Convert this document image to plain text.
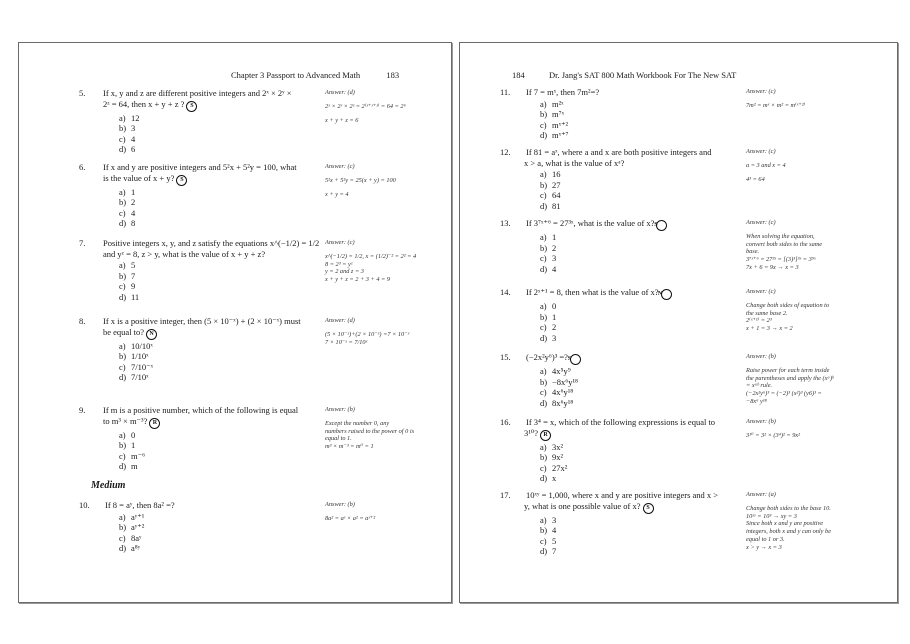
Chapter 3 Passport to Advanced Math	183	184	Dr. Jang's SAT 800 Math Workbook For The New SAT
5. If x, y and z are different positive integers and 2ˣ × 2ʸ ×
2ᶻ = 64, then x + y + z ? S
a) 12
b) 3
c) 4
d) 6
Answer: (d)
2ˣ × 2ʸ × 2ᶻ = 2⁽ˣ⁺ʸ⁺ᶻ⁾ = 64 = 2⁶
x + y + z = 6
6. If x and y are positive integers and 5²x + 5²y = 100, what
is the value of x + y? S
a) 1
b) 2
c) 4
d) 8
Answer: (c)
5²x + 5²y = 25(x + y) = 100
x + y = 4
7. Positive integers x, y, and z satisfy the equations x^(−1/2) = 1/2
and yᶻ = 8, z > y, what is the value of x + y + z?
a) 5
b) 7
c) 9
d) 11
Answer: (c)
x^(−1/2) = 1/2, x = (1/2)⁻² = 2² = 4
8 = 2³ = yᶻ
y = 2 and z = 3
x + y + z = 2 + 3 + 4 = 9
8. If x is a positive integer, then (5 × 10⁻ˣ) + (2 × 10⁻ˣ) must
be equal to? N
a) 10/10ˣ
b) 1/10ˣ
c) 7/10⁻ˣ
d) 7/10ˣ
Answer: (d)
(5 × 10⁻ˣ)+(2 × 10⁻ˣ) =7 × 10⁻ˣ
7 × 10⁻ˣ = 7/10ˣ
9. If m is a positive number, which of the following is equal
to m³ × m⁻³? R
a) 0
b) 1
c) m⁻⁶
d) m
Answer: (b)
Except the number 0, any
numbers raised to the power of 0 is
equal to 1.
m³ × m⁻³ = m⁰ = 1
10. If 8 = aʸ, then 8a² =?
a) aʸ⁺¹
b) aʸ⁺²
c) 8aʸ
d) a⁸ʸ
Answer: (b)
8a² = aʸ × a² = aʸ⁺²
Medium
11. If 7 = mˣ, then 7m²=?
a) m²ˣ
b) m⁷ˣ
c) mˣ⁺²
d) mˣ⁺⁷
Answer: (c)
7m² = mˣ × m² = m⁽ˣ⁺²⁾
12. If 81 = aˣ, where a and x are both positive integers and
x > a, what is the value of xᵃ?
a) 16
b) 27
c) 64
d) 81
Answer: (c)
a = 3 and x = 4
4³ = 64
13. If 3⁷ˣ⁺⁶ = 27³ˣ, what is the value of x?S
a) 1
b) 2
c) 3
d) 4
Answer: (c)
When solving the equation,
convert both sides to the same
base.
3⁷ˣ⁺⁶ = 27³ˣ = [(3)³]³ˣ = 3⁹ˣ
7x + 6 = 9x → x = 3
14. If 2ˣ⁺¹ = 8, then what is the value of x?N
a) 0
b) 1
c) 2
d) 3
Answer: (c)
Change both sides of equation to
the same base 2.
2⁽ˣ⁺¹⁾ = 2³
x + 1 = 3 → x = 2
15. (−2x²y⁶)³ =?S
a) 4x⁵y⁹
b) −8x⁶y¹⁸
c) 4x⁶y¹⁸
d) 8x⁶y¹⁸
Answer: (b)
Raise power for each term inside
the parentheses and apply the (xᵃ)ᵇ
= xᵃᵇ rule.
(−2x²y⁶)³ = (−2)³ (x²)³ (y6)³ =
−8x⁶ y¹⁸
16. If 3⁴ = x, which of the following expressions is equal to
3¹⁰? R
a) 3x²
b) 9x²
c) 27x²
d) x
Answer: (b)
3¹⁰ = 3² × (3⁴)² = 9x²
17. 10ˣʸ = 1,000, where x and y are positive integers and x >
y, what is one possible value of x? S
a) 3
b) 4
c) 5
d) 7
Answer: (a)
Change both sides to the base 10.
10ˣʸ = 10³ → xy = 3
Since both x and y are positive
integers, both x and y can only be
equal to 1 or 3.
x > y → x = 3
